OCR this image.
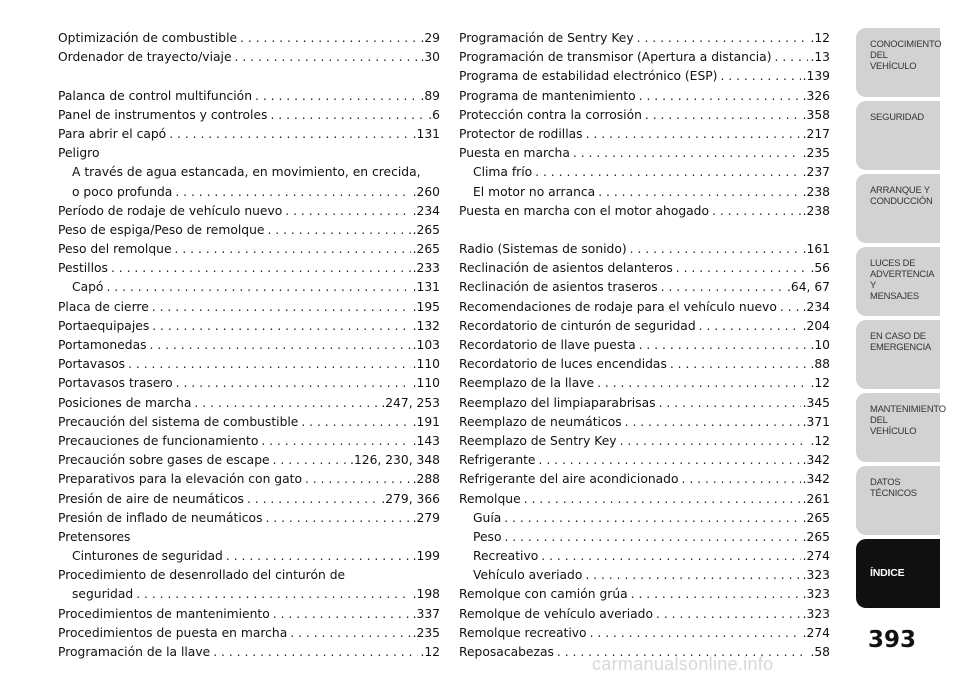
Optimización de combustible . . .	.29
Ordenador de trayecto/viaje . . .	.30
Palanca de control multifunción . . .	.89
Panel de instrumentos y controles . . .	.6
Para abrir el capó . . .	.131
Peligro
A través de agua estancada, en movimiento, en crecida,
o poco profunda . . .	.260
Período de rodaje de vehículo nuevo . . .	.234
Peso de espiga/Peso de remolque . . .	.265
Peso del remolque . . .	.265
Pestillos . . .	.233
Capó . . .	.131
Placa de cierre . . .	.195
Portaequipajes . . .	.132
Portamonedas . . .	.103
Portavasos . . .	.110
Portavasos trasero . . .	.110
Posiciones de marcha . . .	.247, 253
Precaución del sistema de combustible . . .	.191
Precauciones de funcionamiento . . .	.143
Precaución sobre gases de escape . . .	.126, 230, 348
Preparativos para la elevación con gato . . .	.288
Presión de aire de neumáticos . . .	.279, 366
Presión de inflado de neumáticos . . .	.279
Pretensores
Cinturones de seguridad . . .	.199
Procedimiento de desenrollado del cinturón de
seguridad . . .	.198
Procedimientos de mantenimiento . . .	.337
Procedimientos de puesta en marcha . . .	.235
Programación de la llave . . .	.12
Programación de Sentry Key . . .	.12
Programación de transmisor (Apertura a distancia) . . .	.13
Programa de estabilidad electrónico (ESP) . . .	.139
Programa de mantenimiento . . .	.326
Protección contra la corrosión . . .	.358
Protector de rodillas . . .	.217
Puesta en marcha . . .	.235
Clima frío . . .	.237
El motor no arranca . . .	.238
Puesta en marcha con el motor ahogado . . .	.238
Radio (Sistemas de sonido) . . .	.161
Reclinación de asientos delanteros . . .	.56
Reclinación de asientos traseros . . .	.64, 67
Recomendaciones de rodaje para el vehículo nuevo . . . .234
Recordatorio de cinturón de seguridad . . .	.204
Recordatorio de llave puesta . . .	.10
Recordatorio de luces encendidas . . .	.88
Reemplazo de la llave . . .	.12
Reemplazo del limpiaparabrisas . . .	.345
Reemplazo de neumáticos . . .	.371
Reemplazo de Sentry Key . . .	.12
Refrigerante . . .	.342
Refrigerante del aire acondicionado . . .	.342
Remolque . . .	.261
Guía . . .	.265
Peso . . .	.265
Recreativo . . .	.274
Vehículo averiado . . .	.323
Remolque con camión grúa . . .	.323
Remolque de vehículo averiado . . .	.323
Remolque recreativo . . .	.274
Reposacabezas . . .	.58
CONOCIMIENTO
DEL VEHÍCULO
SEGURIDAD
ARRANQUE Y
CONDUCCIÓN
LUCES DE
ADVERTENCIA Y
MENSAJES
EN CASO DE
EMERGENCIA
MANTENIMIENTO
DEL VEHÍCULO
DATOS
TÉCNICOS
ÍNDICE
393
carmanualsonline.info
